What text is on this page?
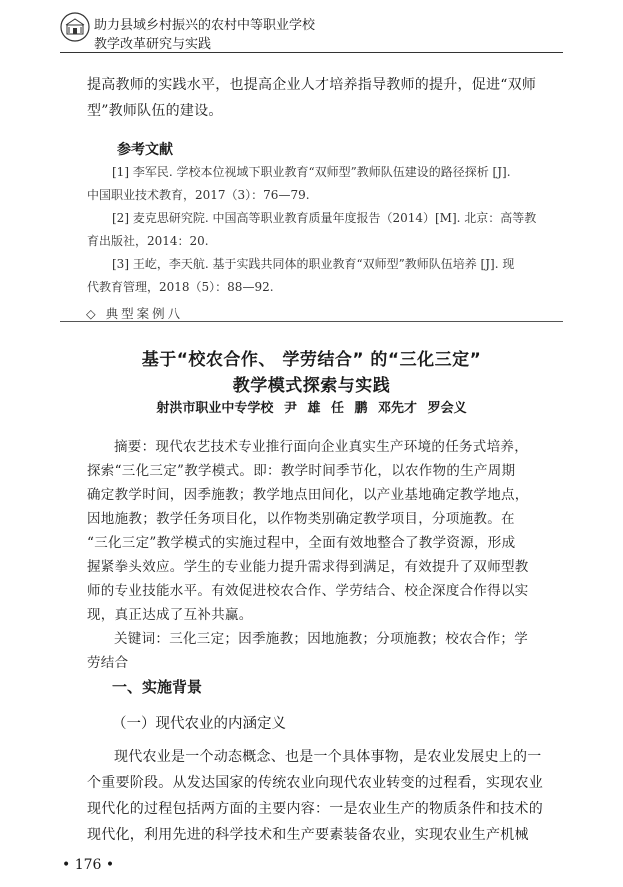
助力县域乡村振兴的农村中等职业学校
教学改革研究与实践
提高教师的实践水平，也提高企业人才培养指导教师的提升，促进“双师
型”教师队伍的建设。
参考文献
[1] 李军民. 学校本位视域下职业教育“双师型”教师队伍建设的路径探析 [J].
中国职业技术教育，2017（3）：76—79.
[2] 麦克思研究院. 中国高等职业教育质量年度报告（2014）[M]. 北京：高等教
育出版社，2014：20.
[3] 王屹，李天航. 基于实践共同体的职业教育“双师型”教师队伍培养 [J]. 现
代教育管理，2018（5）：88—92.
◇ 典型案例八
基于“校农合作、 学劳结合” 的“三化三定”
教学模式探索与实践
射洪市职业中专学校 尹 雄 任 鹏 邓先才 罗会义
摘要：现代农艺技术专业推行面向企业真实生产环境的任务式培养，
探索“三化三定”教学模式。即：教学时间季节化，以农作物的生产周期
确定教学时间，因季施教；教学地点田间化，以产业基地确定教学地点，
因地施教；教学任务项目化，以作物类别确定教学项目，分项施教。在
“三化三定”教学模式的实施过程中，全面有效地整合了教学资源，形成
握紧拳头效应。学生的专业能力提升需求得到满足，有效提升了双师型教
师的专业技能水平。有效促进校农合作、学劳结合、校企深度合作得以实
现，真正达成了互补共赢。
关键词：三化三定；因季施教；因地施教；分项施教；校农合作；学
劳结合
一、实施背景
（一）现代农业的内涵定义
现代农业是一个动态概念、也是一个具体事物，是农业发展史上的一
个重要阶段。从发达国家的传统农业向现代农业转变的过程看，实现农业
现代化的过程包括两方面的主要内容：一是农业生产的物质条件和技术的
现代化，利用先进的科学技术和生产要素装备农业，实现农业生产机械
• 176 •
